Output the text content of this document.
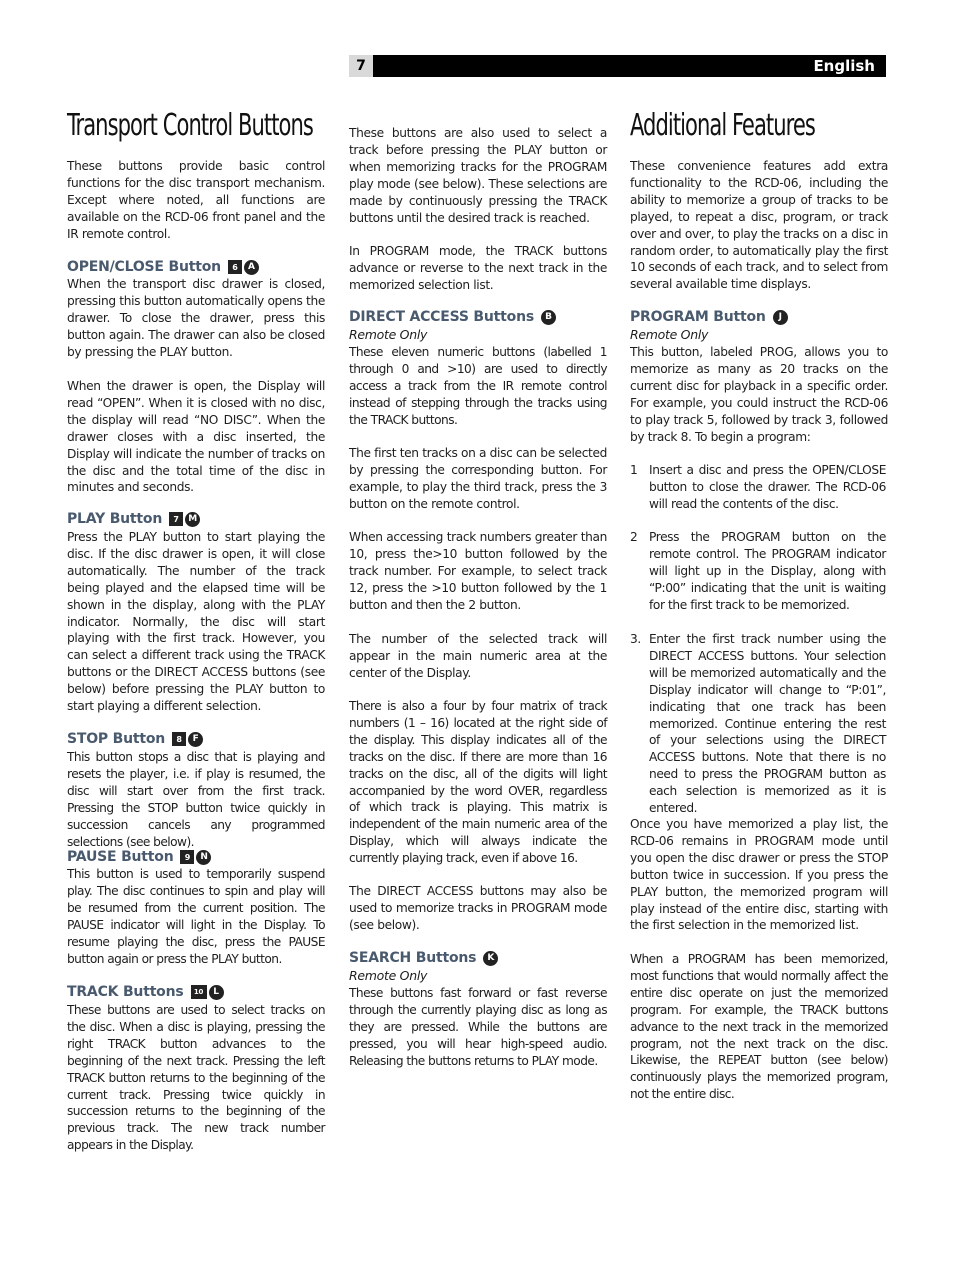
7	English
Transport Control Buttons
These buttons provide basic control functions for the disc transport mechanism. Except where noted, all functions are available on the RCD-06 front panel and the IR remote control.
OPEN/CLOSE Button	6	A
When the transport disc drawer is closed, pressing this button automatically opens the drawer. To close the drawer, press this button again. The drawer can also be closed by pressing the PLAY button.
When the drawer is open, the Display will read “OPEN”. When it is closed with no disc, the display will read “NO DISC”. When the drawer closes with a disc inserted, the Display will indicate the number of tracks on the disc and the total time of the disc in minutes and seconds.
PLAY Button	7	M
Press the PLAY button to start playing the disc. If the disc drawer is open, it will close automatically. The number of the track being played and the elapsed time will be shown in the display, along with the PLAY indicator. Normally, the disc will start playing with the first track. However, you can select a different track using the TRACK buttons or the DIRECT ACCESS buttons (see below) before pressing the PLAY button to start playing a different selection.
STOP Button	8	F
This button stops a disc that is playing and resets the player, i.e. if play is resumed, the disc will start over from the first track. Pressing the STOP button twice quickly in succession cancels any programmed selections (see below).
PAUSE Button	9	N
This button is used to temporarily suspend play. The disc continues to spin and play will be resumed from the current position. The PAUSE indicator will light in the Display. To resume playing the disc, press the PAUSE button again or press the PLAY button.
TRACK Buttons	10	L
These buttons are used to select tracks on the disc. When a disc is playing, pressing the right TRACK button advances to the beginning of the next track. Pressing the left TRACK button returns to the beginning of the current track. Pressing twice quickly in succession returns to the beginning of the previous track. The new track number appears in the Display.
These buttons are also used to select a track before pressing the PLAY button or when memorizing tracks for the PROGRAM play mode (see below). These selections are made by continuously pressing the TRACK buttons until the desired track is reached.
In PROGRAM mode, the TRACK buttons advance or reverse to the next track in the memorized selection list.
DIRECT ACCESS Buttons	B
Remote Only
These eleven numeric buttons (labelled 1 through 0 and >10) are used to directly access a track from the IR remote control instead of stepping through the tracks using the TRACK buttons.
The first ten tracks on a disc can be selected by pressing the corresponding button. For example, to play the third track, press the 3 button on the remote control.
When accessing track numbers greater than 10, press the>10 button followed by the track number. For example, to select track 12, press the >10 button followed by the 1 button and then the 2 button.
The number of the selected track will appear in the main numeric area at the center of the Display.
There is also a four by four matrix of track numbers (1 – 16) located at the right side of the display. This display indicates all of the tracks on the disc. If there are more than 16 tracks on the disc, all of the digits will light accompanied by the word OVER, regardless of which track is playing. This matrix is independent of the main numeric area of the Display, which will always indicate the currently playing track, even if above 16.
The DIRECT ACCESS buttons may also be used to memorize tracks in PROGRAM mode (see below).
SEARCH Buttons	K
Remote Only
These buttons fast forward or fast reverse through the currently playing disc as long as they are pressed. While the buttons are pressed, you will hear high-speed audio. Releasing the buttons returns to PLAY mode.
Additional Features
These convenience features add extra functionality to the RCD-06, including the ability to memorize a group of tracks to be played, to repeat a disc, program, or track over and over, to play the tracks on a disc in random order, to automatically play the first 10 seconds of each track, and to select from several available time displays.
PROGRAM Button	J
Remote Only
This button, labeled PROG, allows you to memorize as many as 20 tracks on the current disc for playback in a specific order. For example, you could instruct the RCD-06 to play track 5, followed by track 3, followed by track 8. To begin a program:
1 Insert a disc and press the OPEN/CLOSE button to close the drawer. The RCD-06 will read the contents of the disc.
2 Press the PROGRAM button on the remote control. The PROGRAM indicator will light up in the Display, along with “P:00” indicating that the unit is waiting for the first track to be memorized.
3. Enter the first track number using the DIRECT ACCESS buttons. Your selection will be memorized automatically and the Display indicator will change to “P:01”, indicating that one track has been memorized. Continue entering the rest of your selections using the DIRECT ACCESS buttons. Note that there is no need to press the PROGRAM button as each selection is memorized as it is entered.
Once you have memorized a play list, the RCD-06 remains in PROGRAM mode until you open the disc drawer or press the STOP button twice in succession. If you press the PLAY button, the memorized program will play instead of the entire disc, starting with the first selection in the memorized list.
When a PROGRAM has been memorized, most functions that would normally affect the entire disc operate on just the memorized program. For example, the TRACK buttons advance to the next track in the memorized program, not the next track on the disc. Likewise, the REPEAT button (see below) continuously plays the memorized program, not the entire disc.
